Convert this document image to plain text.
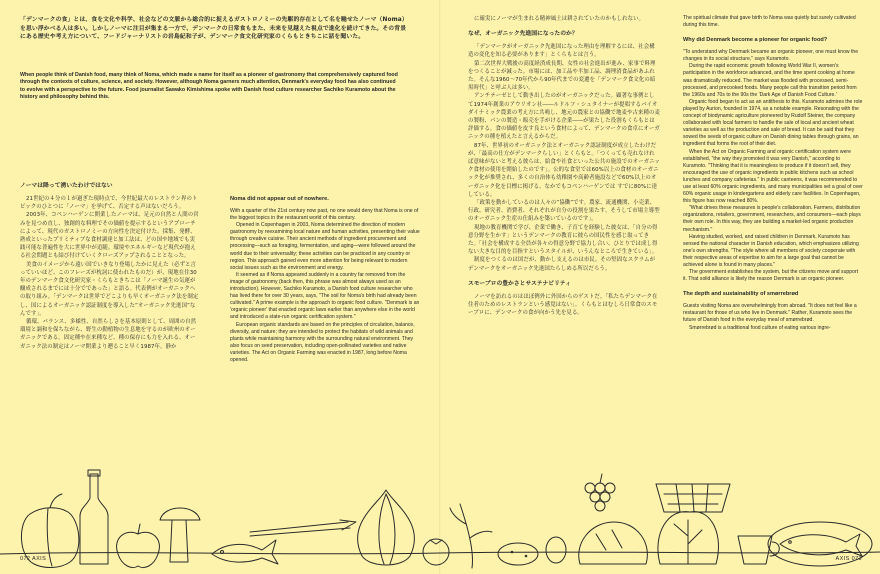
「デンマークの食」とは、食を文化や科学、社会などの文脈から総合的に捉えるガストロノミーの先駆的存在として名を馳せたノーマ（Noma）を思い浮かべる人は多い。しかしノーマに注目が集まる一方で、デンマークの日常食もまた、未来を見越えた視点で進化を続けてきた。その背景にある歴史や考え方について、フードジャーナリストの岩島紀和子が、デンマーク食文化研究家のくらもときちこに話を聞いた。
When people think of Danish food, many think of Noma, which made a name for itself as a pioneer of gastronomy that comprehensively captured food through the contexts of culture, science, and society. However, although Noma garners much attention, Denmark's everyday food has also continued to evolve with a perspective to the future. Food journalist Sawako Kimishima spoke with Danish food culture researcher Sachiko Kuramoto about the history and philosophy behind this.
ノーマは降って湧いたわけではない

21世紀の４分の１が過ぎた現時点で、今世紀最大のレストラン界のトピックのひとつに「ノーマ」を挙げて、否定する声はないだろう。

2003年、コペンハーゲンに開業したノーマは、足元の自然と人間の営みを見つめ直し、独創的な料理でその価値を提示するというアプローチによって、現代のガストロノミーの方向性を決定付けた。採集、発酵、熟成といったプリミティブな食材調達と加工法は、どの国や地域でも実践可能な普遍性を大に世界中が追随。環境やエネルギーなど現代が抱える社会問題とも結び付けていくクローズアップされることとなった。

美食のイメージから遠い国でいきなり登場したかに見えた（必ずと言っていいほど、このフレーズが枕詞に使われたものだ）が、現地在住30年のデンマーク食文化研究家・くらもときちこは「ノーマ誕生の気運が醸成されるまでには十分でであった」と語る。代表例がオーガニックへの取り組み。「デンマークは世界でどこよりも早くオーガニック法を制定し、国によるオーガニック認証制度を導入した”オーガニック先進国”なんです」。

循環、バランス、多様性、自然らしさを基本原則として、周囲の自然環境と調和を保ちながら、野生の動植物の生息地を守るのが欧州のオーガニックである。固定種や在来種など、種の保存にも力を入れる。オーガニック法の制定はノーマ開業より遡ること早く1987年。静か

Noma did not appear out of nowhere.

With a quarter of the 21st century now past, no one would deny that Noma is one of the biggest topics in the restaurant world of this century.

Opened in Copenhagen in 2003, Noma determined the direction of modern gastronomy by reexamining local nature and human activities, presenting their value through creative cuisine. Their ancient methods of ingredient procurement and processing—such as foraging, fermentation, and aging—were followed around the world due to their universality; these activities can be practiced in any country or region. This approach gained even more attention for being relevant to modern social issues such as the environment and energy.

It seemed as if Noma appeared suddenly in a country far removed from the image of gastronomy (back then, this phrase was almost always used as an introduction). However, Sachiko Kuramoto, a Danish food culture researcher who has lived there for over 30 years, says, "The soil for Noma's birth had already been cultivated." A prime example is the approach to organic food culture. "Denmark is an 'organic pioneer' that enacted organic laws earlier than anywhere else in the world and introduced a state-run organic certification system."

European organic standards are based on the principles of circulation, balance, diversity, and nature; they are intended to protect the habitats of wild animals and plants while maintaining harmony with the surrounding natural environment. They also focus on seed preservation, including open-pollinated varieties and native varieties. The Act on Organic Farming was enacted in 1987, long before Noma opened.

に確実にノーマが生まれる精神風土は耕されていたのかもしれない。

なぜ、オーガニック先進国になったのか？

「デンマークがオーガニック先進国になった理由を理解するには、社会構造の変化を知る必要があります」とくらもとは言う。

第二次世界大戦後の高度経済成長期、女性の社会進出が進み、家事で料理をつくることが減った。市場には、加工品や半加工品、調理済食品があふれた。そんな1960〜70年代から90年代までの変遷を「デンマーク食文化の暗黒時代」と呼ぶ人は多い。

アンチテーゼとして動き出したのがオーガニックだった。顕著な事例として1974年創業のアウリオン社――ルドルフ・シュタイナーが提唱するバイオダイナミック農業の考え方に共鳴し、地元の農家との協働で地麦や古来種の麦の製粉、パンの製造・販売を手がける企業――が果たした役割もくらもとは評価する。食の価値を皮す良という食材によって、デンマークの食卓にオーガニックの種を植えたと言えるからだ。

87年、世界初のオーガニック法とオーガニック認証制度が成立したわけだが、「最高の仕方がデンマークらしい」とくらもと。「つくっても売れなければ意味がないと考える彼らは、給食や社食といった公共の施設でのオーガニック食材の使用を開始したのです」。公的な食堂では60%以上の食材のオーガニック化が推奨され、多くの自治体も幼稚園や高齢者施設などで60%以上のオーガニック化を目標に掲げる。なかでもコペンハーゲンでは すでに80%に達している。

「政策を動かしているのは人々の“協働”です。農家、流通機関、小売業、行政、研究者、消費者、それぞれが自分の役割を果たす。そうして市場主導型のオーガニック生産の仕組みを築いているのです」。

現地の教育機関で学び、企業で働き、子育てを経験した彼女は、「自分の得意分野を生かす」というデンマークの教育に彼らの国民性を感じ取ってきた。「社会を構成する全員が各々の得意分野で協力し合い、ひとりでは成し得ない大きな目的を目指すというスタイルが、いうんなところで生きている」。

制度をつくるのは国だが、動かし支えるのは市民。その堅固なスクラムがデンマークをオーガニック先進国たらしめる所以だろう。

スモーブロの豊かさとサステナビリティ

ノーマを訪れるのはほぼ例外に外国からのゲストだ。「私たちデンマーク在住者のためのレストランという感覚はない」。くらもとはむしろ日常食のスモーブロに、デンマークの食が向かう先を見る。

The spiritual climate that gave birth to Noma was quietly but surely cultivated during this time.

Why did Denmark become a pioneer for organic food?

"To understand why Denmark became an organic pioneer, one must know the changes in its social structure," says Kuramoto.

During the rapid economic growth following World War II, women's participation in the workforce advanced, and the time spent cooking at home was dramatically reduced. The market was flooded with processed, semi-processed, and precooked foods. Many people call this transition period from the 1960s and 70s to the 90s the 'Dark Age of Danish Food Culture.'

Organic food began to act as an antithesis to this. Kuramoto admires the role played by Aurion, founded in 1974, as a notable example. Resonating with the concept of biodynamic agriculture pioneered by Rudolf Steiner, the company collaborated with local farmers to handle the sale of local and ancient wheat varieties as well as the production and sale of bread. It can be said that they sowed the seeds of organic culture on Danish dining tables through grains, an ingredient that forms the root of their diet.

When the Act on Organic Farming and organic certification system were established, "the way they promoted it was very Danish," according to Kuramoto. "Thinking that it is meaningless to produce if it doesn't sell, they encouraged the use of organic ingredients in public kitchens such as school lunches and company cafeterias." In public canteens, it was recommended to use at least 60% organic ingredients, and many municipalities set a goal of over 60% organic usage in kindergartens and elderly care facilities. In Copenhagen, this figure has now reached 80%.

"What drives these measures is people's collaboration. Farmers, distribution organizations, retailers, government, researchers, and consumers—each plays their own role. In this way, they are building a market-led organic production mechanism."

Having studied, worked, and raised children in Denmark, Kuramoto has sensed the national character in Danish education, which emphasizes utilizing one's own strengths. "The style where all members of society cooperate with their respective areas of expertise to aim for a large goal that cannot be achieved alone is found in many places."

The government establishes the system, but the citizens move and support it. That solid alliance is likely the reason Denmark is an organic pioneer.

The depth and sustainability of smørrebrød

Guests visiting Noma are overwhelmingly from abroad. "It does not feel like a restaurant for those of us who live in Denmark." Rather, Kuramoto sees the future of Danish food in the everyday meal of smørrebrød.

Smørrebrød is a traditional food culture of eating various ingre-

072 AXIS	AXIS 073
